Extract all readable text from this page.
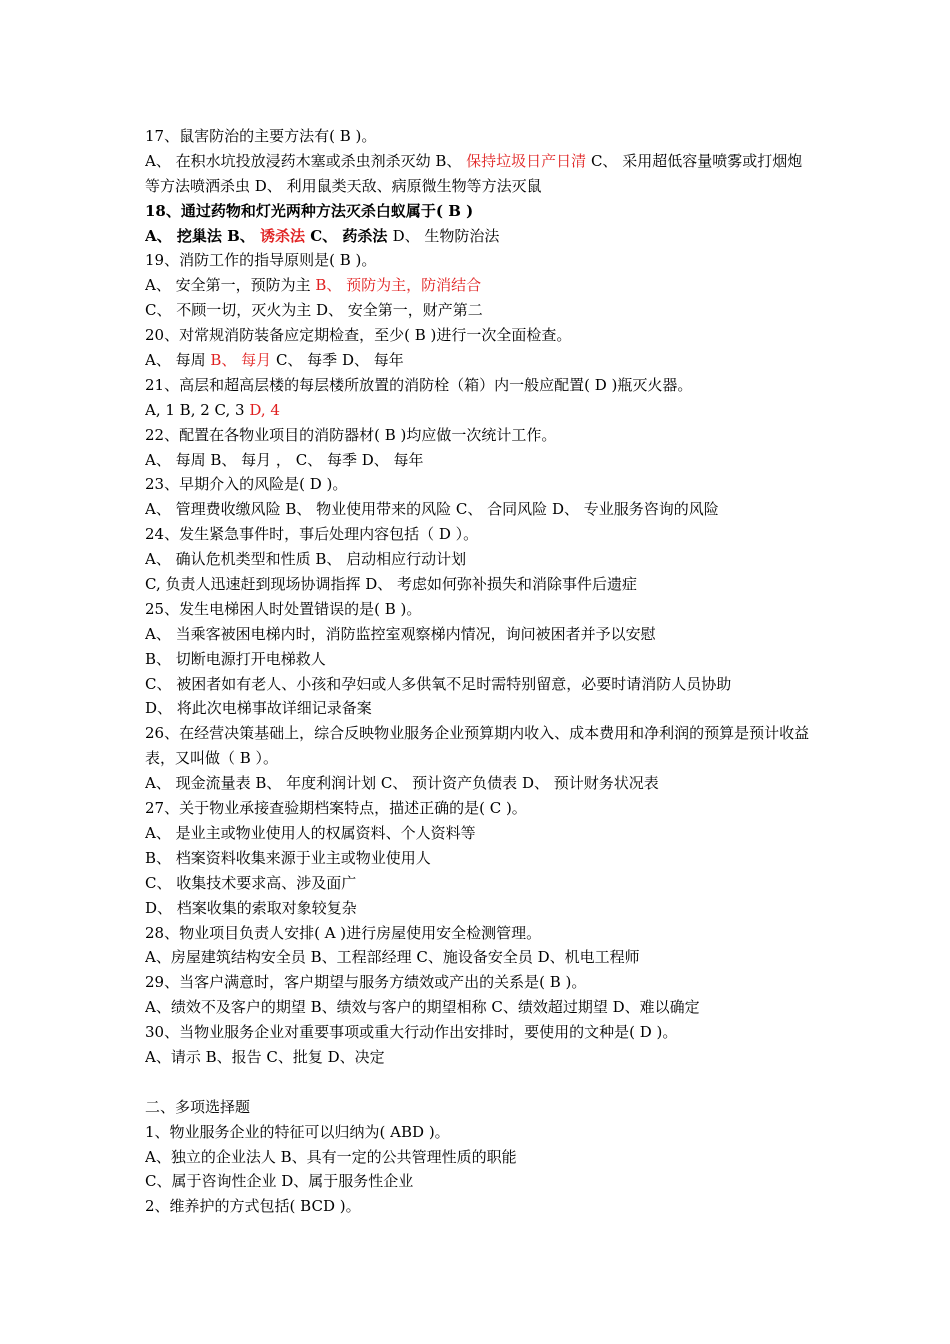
17、鼠害防治的主要方法有( B )。
A、 在积水坑投放浸药木塞或杀虫剂杀灭幼 B、 保持垃圾日产日清 C、 采用超低容量喷雾或打烟炮
等方法喷洒杀虫 D、 利用鼠类天敌、病原微生物等方法灭鼠
18、通过药物和灯光两种方法灭杀白蚁属于( B )
A、 挖巢法 B、 诱杀法 C、 药杀法 D、 生物防治法
19、消防工作的指导原则是( B )。
A、 安全第一，预防为主 B、 预防为主，防消结合
C、 不顾一切，灭火为主 D、 安全第一，财产第二
20、对常规消防装备应定期检查，至少( B )进行一次全面检查。
A、 每周 B、 每月 C、 每季 D、 每年
21、高层和超高层楼的每层楼所放置的消防栓（箱）内一般应配置( D )瓶灭火器。
A, 1 B, 2 C, 3 D, 4
22、配置在各物业项目的消防器材( B )均应做一次统计工作。
A、 每周 B、 每月 ， C、 每季 D、 每年
23、早期介入的风险是( D )。
A、 管理费收缴风险 B、 物业使用带来的风险 C、 合同风险 D、 专业服务咨询的风险
24、发生紧急事件时，事后处理内容包括（ D ）。
A、 确认危机类型和性质 B、 启动相应行动计划
C, 负责人迅速赶到现场协调指挥 D、 考虑如何弥补损失和消除事件后遗症
25、发生电梯困人时处置错误的是( B )。
A、 当乘客被困电梯内时，消防监控室观察梯内情况，询问被困者并予以安慰
B、 切断电源打开电梯救人
C、 被困者如有老人、小孩和孕妇或人多供氧不足时需特别留意，必要时请消防人员协助
D、 将此次电梯事故详细记录备案
26、在经营决策基础上，综合反映物业服务企业预算期内收入、成本费用和净利润的预算是预计收益
表，又叫做（ B ）。
A、 现金流量表 B、 年度利润计划 C、 预计资产负债表 D、 预计财务状况表
27、关于物业承接查验期档案特点，描述正确的是( C )。
A、 是业主或物业使用人的权属资料、个人资料等
B、 档案资料收集来源于业主或物业使用人
C、 收集技术要求高、涉及面广
D、 档案收集的索取对象较复杂
28、物业项目负责人安排( A )进行房屋使用安全检测管理。
A、房屋建筑结构安全员 B、工程部经理 C、施设备安全员 D、机电工程师
29、当客户满意时，客户期望与服务方绩效或产出的关系是( B )。
A、绩效不及客户的期望 B、绩效与客户的期望相称 C、绩效超过期望 D、难以确定
30、当物业服务企业对重要事项或重大行动作出安排时，要使用的文种是( D )。
A、请示 B、报告 C、批复 D、决定
二、多项选择题
1、物业服务企业的特征可以归纳为( ABD )。
A、独立的企业法人 B、具有一定的公共管理性质的职能
C、属于咨询性企业 D、属于服务性企业
2、维养护的方式包括( BCD )。
